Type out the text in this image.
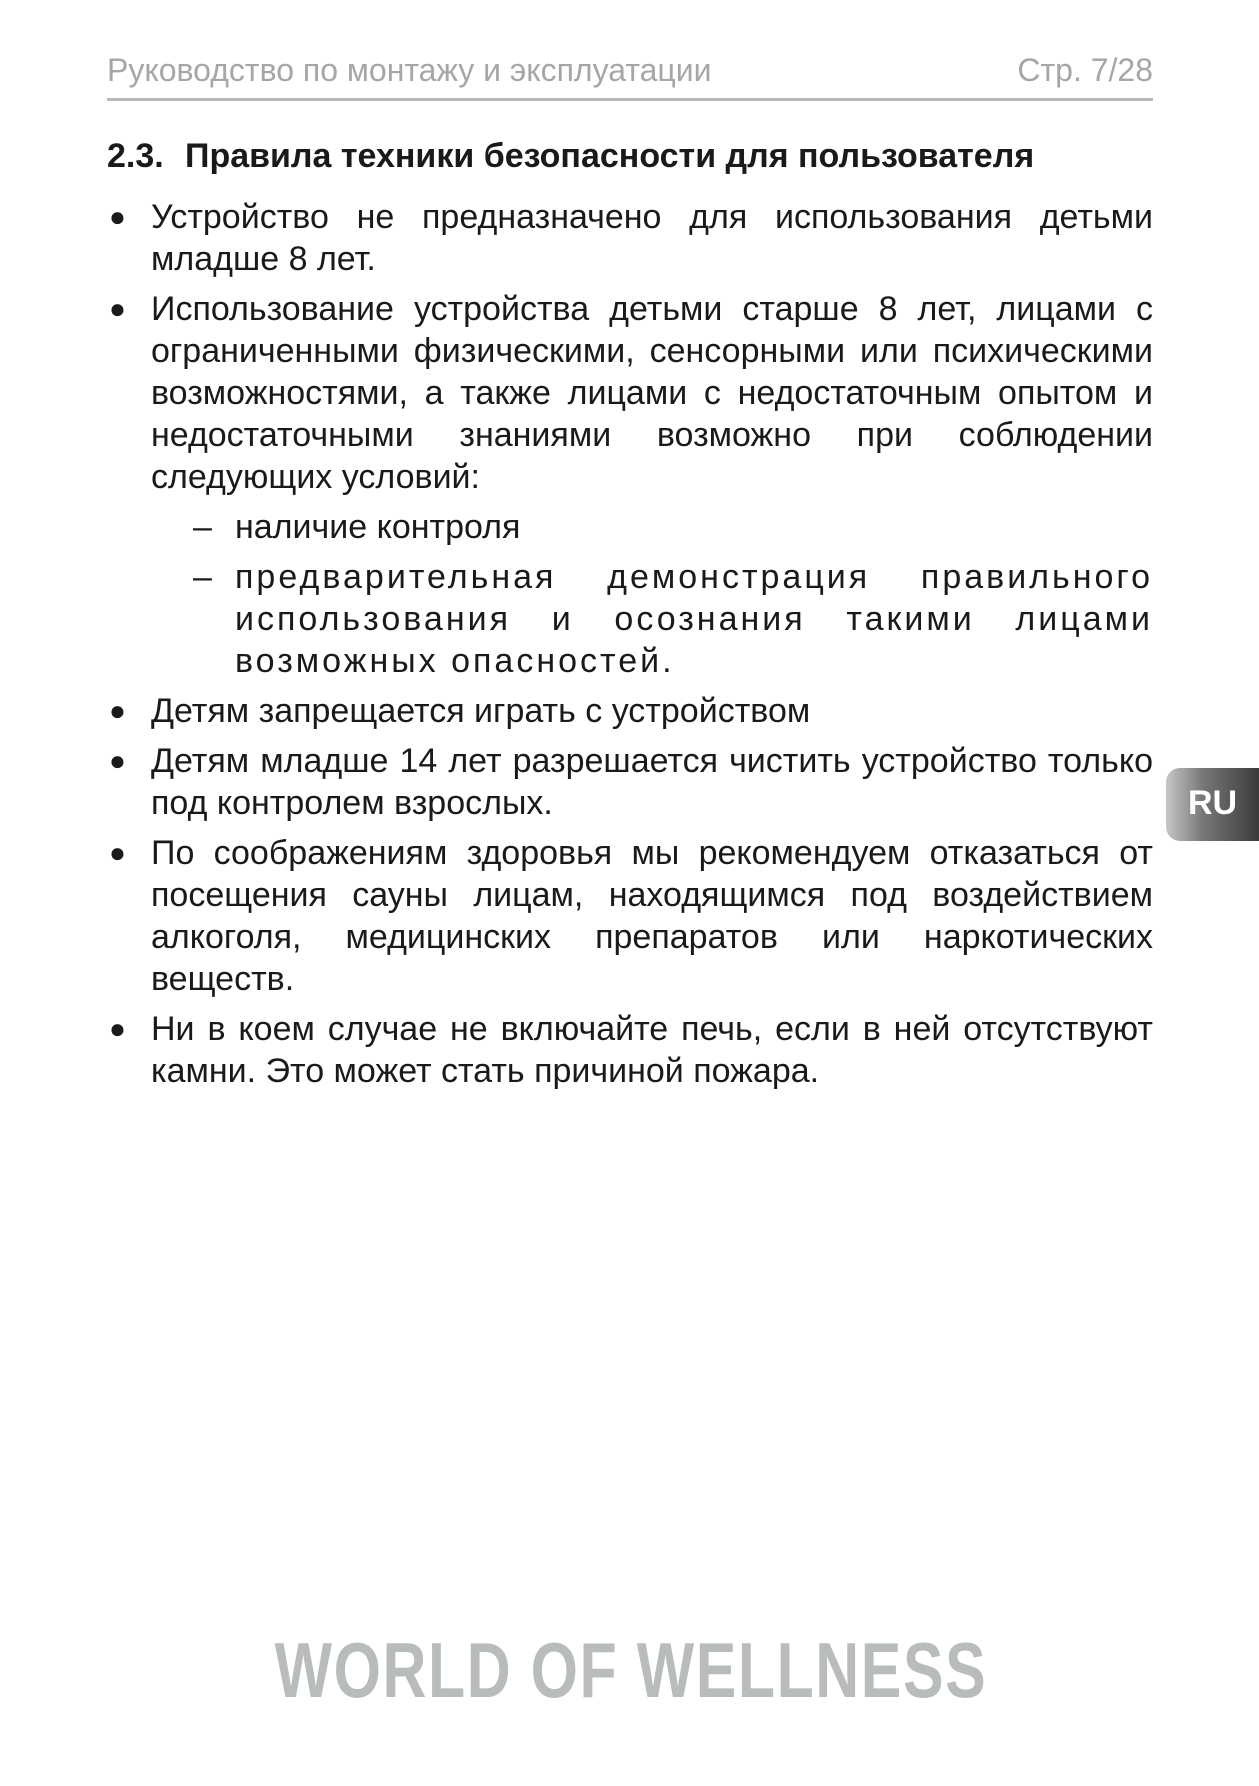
Руководство по монтажу и эксплуатации	Стр. 7/28
2.3. Правила техники безопасности для пользователя
● Устройство не предназначено для использования детьми младше 8 лет.
● Использование устройства детьми старше 8 лет, лицами с ограниченными физическими, сенсорными или психическими возможностями, а также лицами с недостаточным опытом и недостаточными знаниями возможно при соблюдении следующих условий:
– наличие контроля
– предварительная демонстрация правильного использования и осознания такими лицами возможных опасностей.
● Детям запрещается играть с устройством
● Детям младше 14 лет разрешается чистить устройство только под контролем взрослых.
● По соображениям здоровья мы рекомендуем отказаться от посещения сауны лицам, находящимся под воздействием алкоголя, медицинских препаратов или наркотических веществ.
● Ни в коем случае не включайте печь, если в ней отсутствуют камни. Это может стать причиной пожара.
RU
WORLD OF WELLNESS
